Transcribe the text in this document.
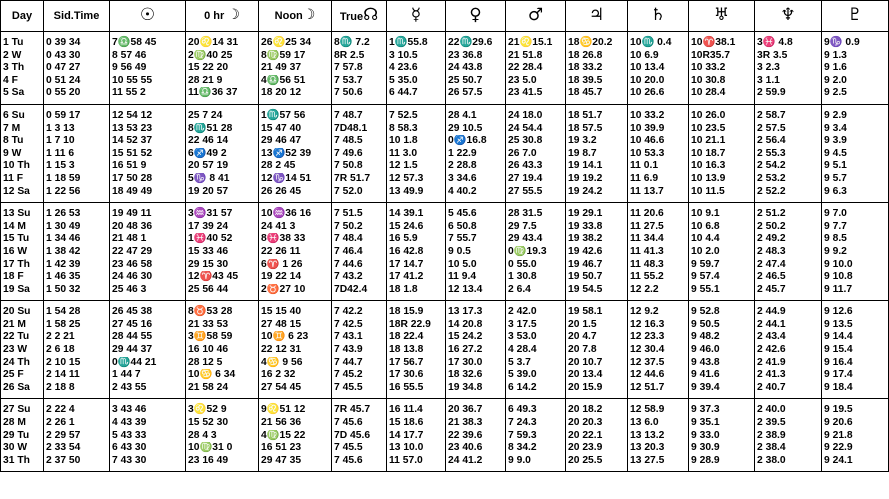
Day	Sid.Time	☉	0 hr ☽	Noon☽	True☊	☿	♀	♂	♃	♄	♅	♆	♇
1 Tu	0 39 34	7♎58 45	20♌14 31	26♌25 34	8♏ 7.2	1♏55.8	22♏29.6	21♌15.1	18♋20.2	10♏ 0.4	10♈38.1	3♓ 4.8	9♑ 0.9
2 W	0 43 30	8 57 46	2♍40 25	8♍59 17	8R 2.5	3 10.5	23 36.8	21 51.8	18 26.8	10 6.9	10R35.7	3R 3.5	9 1.3
3 Th	0 47 27	9 56 49	15 22 20	21 49 37	7 57.8	4 23.6	24 43.8	22 28.4	18 33.2	10 13.4	10 33.2	3 2.3	9 1.6
4 F	0 51 24	10 55 55	28 21 9	4♎56 51	7 53.7	5 35.0	25 50.7	23 5.0	18 39.5	10 20.0	10 30.8	3 1.1	9 2.0
5 Sa	0 55 20	11 55 2	11♎36 37	18 20 12	7 50.6	6 44.7	26 57.5	23 41.5	18 45.7	10 26.6	10 28.4	2 59.9	9 2.5
6 Su	0 59 17	12 54 12	25 7 24	1♏57 56	7 48.7	7 52.5	28 4.1	24 18.0	18 51.7	10 33.2	10 26.0	2 58.7	9 2.9
7 M	1 3 13	13 53 23	8♏51 28	15 47 40	7D48.1	8 58.3	29 10.5	24 54.4	18 57.5	10 39.9	10 23.5	2 57.5	9 3.4
8 Tu	1 7 10	14 52 37	22 46 14	29 46 47	7 48.5	10 1.8	0♐16.8	25 30.8	19 3.2	10 46.6	10 21.1	2 56.4	9 3.9
9 W	1 11 6	15 51 52	6♐49 2	13♐52 39	7 49.6	11 3.0	1 22.9	26 7.0	19 8.7	10 53.3	10 18.7	2 55.3	9 4.5
10 Th	1 15 3	16 51 9	20 57 19	28 2 45	7 50.8	12 1.5	2 28.8	26 43.3	19 14.1	11 0.1	10 16.3	2 54.2	9 5.1
11 F	1 18 59	17 50 28	5♑ 8 41	12♑14 51	7R 51.7	12 57.3	3 34.6	27 19.4	19 19.2	11 6.9	10 13.9	2 53.2	9 5.7
12 Sa	1 22 56	18 49 49	19 20 57	26 26 45	7 52.0	13 49.9	4 40.2	27 55.5	19 24.2	11 13.7	10 11.5	2 52.2	9 6.3
13 Su	1 26 53	19 49 11	3♒31 57	10♒36 16	7 51.5	14 39.1	5 45.6	28 31.5	19 29.1	11 20.6	10 9.1	2 51.2	9 7.0
14 M	1 30 49	20 48 36	17 39 24	24 41 3	7 50.2	15 24.6	6 50.8	29 7.5	19 33.8	11 27.5	10 6.8	2 50.2	9 7.7
15 Tu	1 34 46	21 48 1	1♓40 52	8♓38 33	7 48.4	16 5.9	7 55.7	29 43.4	19 38.2	11 34.4	10 4.4	2 49.2	9 8.5
16 W	1 38 42	22 47 29	15 33 46	22 26 11	7 46.4	16 42.8	9 0.5	0♍19.3	19 42.6	11 41.3	10 2.0	2 48.3	9 9.2
17 Th	1 42 39	23 46 58	29 15 30	6♈ 1 26	7 44.6	17 14.7	10 5.0	0 55.0	19 46.7	11 48.3	9 59.7	2 47.4	9 10.0
18 F	1 46 35	24 46 30	12♈43 45	19 22 14	7 43.2	17 41.2	11 9.4	1 30.8	19 50.7	11 55.2	9 57.4	2 46.5	9 10.8
19 Sa	1 50 32	25 46 3	25 56 44	2♉27 10	7D42.4	18 1.8	12 13.4	2 6.4	19 54.5	12 2.2	9 55.1	2 45.7	9 11.7
20 Su	1 54 28	26 45 38	8♉53 28	15 15 40	7 42.2	18 15.9	13 17.3	2 42.0	19 58.1	12 9.2	9 52.8	2 44.9	9 12.6
21 M	1 58 25	27 45 16	21 33 53	27 48 15	7 42.5	18R 22.9	14 20.8	3 17.5	20 1.5	12 16.3	9 50.5	2 44.1	9 13.5
22 Tu	2 2 21	28 44 55	3♊58 59	10♊ 6 23	7 43.1	18 22.4	15 24.2	3 53.0	20 4.7	12 23.3	9 48.2	2 43.4	9 14.4
23 W	2 6 18	29 44 37	16 10 46	22 12 31	7 43.9	18 13.8	16 27.2	4 28.4	20 7.8	12 30.4	9 46.0	2 42.6	9 15.4
24 Th	2 10 15	0♏44 21	28 12 5	4♋ 9 56	7 44.7	17 56.7	17 30.0	5 3.7	20 10.7	12 37.5	9 43.8	2 41.9	9 16.4
25 F	2 14 11	1 44 7	10♋ 6 34	16 2 32	7 45.2	17 30.6	18 32.6	5 39.0	20 13.4	12 44.6	9 41.6	2 41.3	9 17.4
26 Sa	2 18 8	2 43 55	21 58 24	27 54 45	7 45.5	16 55.5	19 34.8	6 14.2	20 15.9	12 51.7	9 39.4	2 40.7	9 18.4
27 Su	2 22 4	3 43 46	3♌52 9	9♌51 12	7R 45.7	16 11.4	20 36.7	6 49.3	20 18.2	12 58.9	9 37.3	2 40.0	9 19.5
28 M	2 26 1	4 43 39	15 52 30	21 56 36	7 45.6	15 18.6	21 38.3	7 24.3	20 20.3	13 6.0	9 35.1	2 39.5	9 20.6
29 Tu	2 29 57	5 43 33	28 4 3	4♍15 22	7D 45.6	14 17.7	22 39.6	7 59.3	20 22.1	13 13.2	9 33.0	2 38.9	9 21.8
30 W	2 33 54	6 43 30	10♍31 0	16 51 23	7 45.5	13 10.0	23 40.6	8 34.2	20 23.9	13 20.3	9 30.9	2 38.4	9 22.9
31 Th	2 37 50	7 43 30	23 16 49	29 47 35	7 45.6	11 57.0	24 41.2	9 9.0	20 25.5	13 27.5	9 28.9	2 38.0	9 24.1
